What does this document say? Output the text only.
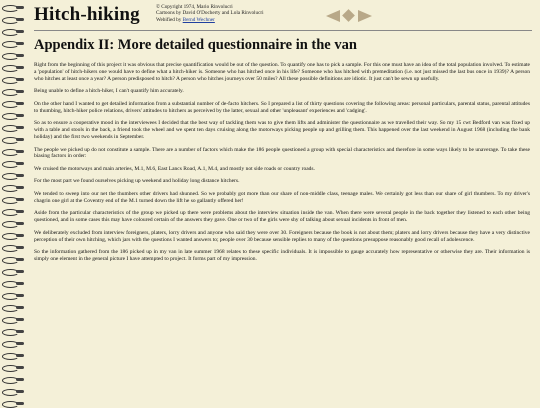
Hitch-hiking	© Copyright 1974, Mario Rinvolucri
Cartoons by David O'Docherty and Lola Rinvolucri
Webified by Bernd Wechner
Appendix II: More detailed questionnaire in the van

Right from the beginning of this project it was obvious that precise quantification would be out of the question. To quantify one has to pick a sample. For this one must have an idea of the total population involved. To estimate a 'population' of hitch-hikers one would have to define what a hitch-hiker is. Someone who has hitched once in his life? Someone who has hitched with premeditation (i.e. not just missed the last bus once in 1939)? A person who hitches at least once a year? A person predisposed to hitch? A person who hitches journeys over 50 miles? All these possible definitions are idiotic. It just can't be sewn up usefully.

Being unable to define a hitch-hiker, I can't quantify him accurately.

On the other hand I wanted to get detailed information from a substantial number of de-facto hitchers. So I prepared a list of thirty questions covering the following areas: personal particulars, parental status, parental attitudes to thumbing, hitch-hiker police relations, drivers' attitudes to hitchers as perceived by the latter, sexual and other 'unpleasant' experiences and 'cadging'.

So as to ensure a cooperative mood in the interviewees I decided that the best way of tackling them was to give them lifts and administer the questionnaire as we travelled their way. So my 15 cwt Bedford van was fixed up with a table and stools in the back, a friend took the wheel and we spent ten days cruising along the motorways picking people up and grilling them. This happened over the last weekend in August 1968 (including the bank holiday) and the first two weekends in September.

The people we picked up do not constitute a sample. There are a number of factors which make the 186 people questioned a group with special characteristics and therefore in some ways likely to be unaverage. To take these biasing factors in order:

We cruised the motorways and main arteries, M.1, M.6, East Lancs Road, A.1, M.4, and mostly not side roads or country roads.

For the most part we found ourselves picking up weekend and holiday long distance hitchers.

We tended to sweep into our net the thumbers other drivers had shunned. So we probably got more than our share of non-middle class, teenage males. We certainly got less than our share of girl thumbers. To my driver's chagrin one girl at the Coventry end of the M.1 turned down the lift he so gallantly offered her!

Aside from the particular characteristics of the group we picked up there were problems about the interview situation inside the van. When there were several people in the back together they listened to each other being questioned, and in some cases this may have coloured certain of the answers they gave. One or two of the girls were shy of talking about sexual incidents in front of men.

We deliberately excluded from interview foreigners, platers, lorry drivers and anyone who said they were over 30. Foreigners because the book is not about them; platers and lorry drivers because they have a very distinctive perception of their own hitching, which jars with the questions I wanted answers to; people over 30 because sensible replies to many of the questions presuppose reasonably good recall of adolescence.

So the information gathered from the 186 picked up in my van in late summer 1968 relates to these specific individuals. It is impossible to gauge accurately how representative or otherwise they are. Their information is simply one element in the general picture I have attempted to project. It forms part of my impression.
